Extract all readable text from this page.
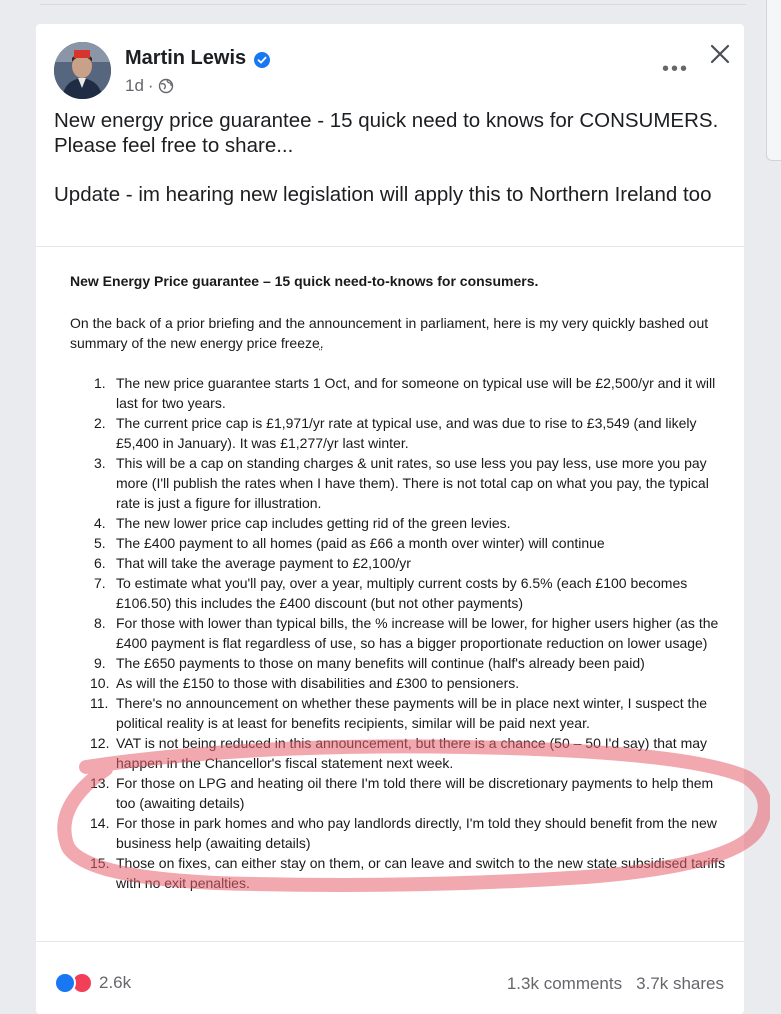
Martin Lewis
1d ·
•••

New energy price guarantee - 15 quick need to knows for CONSUMERS. Please feel free to share...

Update - im hearing new legislation will apply this to Northern Ireland too

New Energy Price guarantee – 15 quick need-to-knows for consumers.
On the back of a prior briefing and the announcement in parliament, here is my very quickly bashed out summary of the new energy price freeze.
1. The new price guarantee starts 1 Oct, and for someone on typical use will be £2,500/yr and it will last for two years.
2. The current price cap is £1,971/yr rate at typical use, and was due to rise to £3,549 (and likely £5,400 in January). It was £1,277/yr last winter.
3. This will be a cap on standing charges & unit rates, so use less you pay less, use more you pay more (I'll publish the rates when I have them). There is not total cap on what you pay, the typical rate is just a figure for illustration.
4. The new lower price cap includes getting rid of the green levies.
5. The £400 payment to all homes (paid as £66 a month over winter) will continue
6. That will take the average payment to £2,100/yr
7. To estimate what you'll pay, over a year, multiply current costs by 6.5% (each £100 becomes £106.50) this includes the £400 discount (but not other payments)
8. For those with lower than typical bills, the % increase will be lower, for higher users higher (as the £400 payment is flat regardless of use, so has a bigger proportionate reduction on lower usage)
9. The £650 payments to those on many benefits will continue (half's already been paid)
10. As will the £150 to those with disabilities and £300 to pensioners.
11. There's no announcement on whether these payments will be in place next winter, I suspect the political reality is at least for benefits recipients, similar will be paid next year.
12. VAT is not being reduced in this announcement, but there is a chance (50 – 50 I'd say) that may happen in the Chancellor's fiscal statement next week.
13. For those on LPG and heating oil there I'm told there will be discretionary payments to help them too (awaiting details)
14. For those in park homes and who pay landlords directly, I'm told they should benefit from the new business help (awaiting details)
15. Those on fixes, can either stay on them, or can leave and switch to the new state subsidised tariffs with no exit penalties.
2.6k	1.3k comments 3.7k shares
